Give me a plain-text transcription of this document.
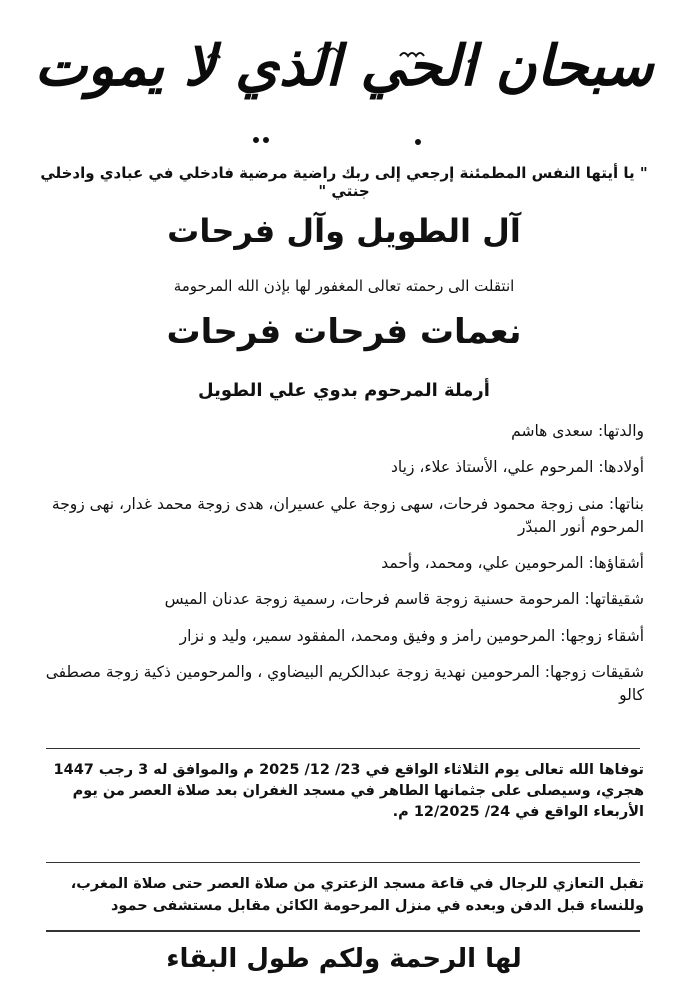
سبحان الحي الذي لا يموت
" يا أيتها النفس المطمئنة إرجعي إلى ربك راضية مرضية فادخلي في عبادي وادخلي جنتي "
آل الطويل وآل فرحات
انتقلت الى رحمته تعالى المغفور لها بإذن الله المرحومة
نعمات فرحات فرحات
أرملة المرحوم بدوي علي الطويل
والدتها:سعدى هاشم
أولادها:المرحوم علي، الأستاذ علاء، زياد
بناتها:منى زوجة محمود فرحات، سهى زوجة علي عسيران، هدى زوجة محمد غدار، نهى زوجة المرحوم أنور المبدّر
أشقاؤها:المرحومين علي، ومحمد، وأحمد
شقيقاتها:المرحومة حسنية زوجة قاسم فرحات، رسمية زوجة عدنان الميس
أشقاء زوجها:المرحومين رامز و وفيق ومحمد، المفقود سمير، وليد و نزار
شقيقات زوجها:المرحومين نهدية زوجة عبدالكريم البيضاوي ، والمرحومين ذكية زوجة مصطفى كالو
توفاها الله تعالى يوم الثلاثاء الواقع في 23/ 12/ 2025 م والموافق له 3 رجب 1447 هجري، وسيصلى على جثمانها الطاهر في مسجد الغفران بعد صلاة العصر من يوم الأربعاء الواقع في 24/ 12/2025 م.
تقبل التعازي للرجال في قاعة مسجد الزعتري من صلاة العصر حتى صلاة المغرب، وللنساء قبل الدفن وبعده في منزل المرحومة الكائن مقابل مستشفى حمود
لها الرحمة ولكم طول البقاء
